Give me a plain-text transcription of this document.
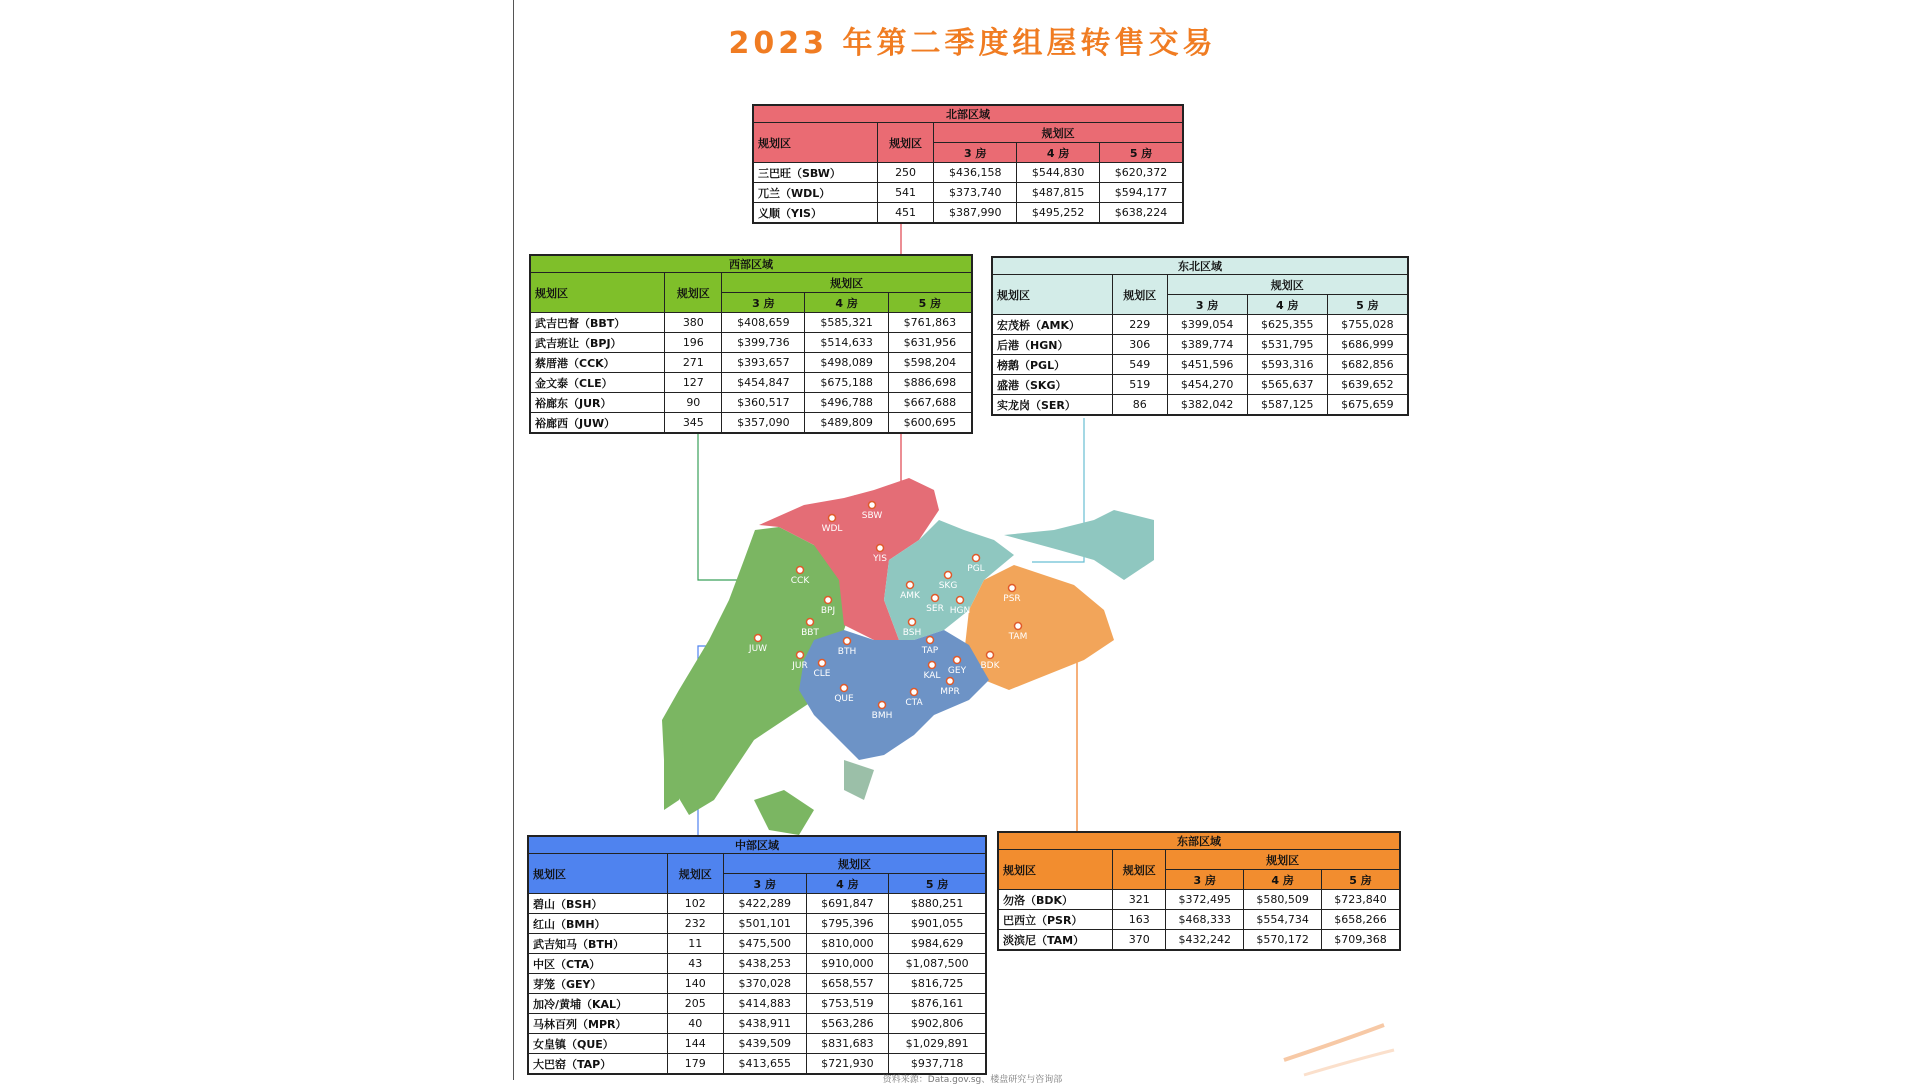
2023 年第二季度组屋转售交易
SBW
WDL
YIS
CCK
BPJ
BBT
JUW
JUR
CLE
BTH
QUE
BMH
BSH
TAP
KAL GEY
MPR
CTA
AMK
SKG
SER HGN
PGL
PSR
TAM
BDK
北部区域				
规划区	规划区	规划区		
		3 房	4 房	5 房
三巴旺（SBW）	250	$436,158	$544,830	$620,372
兀兰（WDL）	541	$373,740	$487,815	$594,177
义顺（YIS）	451	$387,990	$495,252	$638,224
西部区域				
规划区	规划区	规划区		
		3 房	4 房	5 房
武吉巴督（BBT）	380	$408,659	$585,321	$761,863
武吉班让（BPJ）	196	$399,736	$514,633	$631,956
蔡厝港（CCK）	271	$393,657	$498,089	$598,204
金文泰（CLE）	127	$454,847	$675,188	$886,698
裕廊东（JUR）	90	$360,517	$496,788	$667,688
裕廊西（JUW）	345	$357,090	$489,809	$600,695
东北区域				
规划区	规划区	规划区		
		3 房	4 房	5 房
宏茂桥（AMK）	229	$399,054	$625,355	$755,028
后港（HGN）	306	$389,774	$531,795	$686,999
榜鹅（PGL）	549	$451,596	$593,316	$682,856
盛港（SKG）	519	$454,270	$565,637	$639,652
实龙岗（SER）	86	$382,042	$587,125	$675,659
中部区域				
规划区	规划区	规划区		
		3 房	4 房	5 房
碧山（BSH）	102	$422,289	$691,847	$880,251
红山（BMH）	232	$501,101	$795,396	$901,055
武吉知马（BTH）	11	$475,500	$810,000	$984,629
中区（CTA）	43	$438,253	$910,000	$1,087,500
芽笼（GEY）	140	$370,028	$658,557	$816,725
加冷/黄埔（KAL）	205	$414,883	$753,519	$876,161
马林百列（MPR）	40	$438,911	$563,286	$902,806
女皇镇（QUE）	144	$439,509	$831,683	$1,029,891
大巴窑（TAP）	179	$413,655	$721,930	$937,718
东部区域				
规划区	规划区	规划区		
		3 房	4 房	5 房
勿洛（BDK）	321	$372,495	$580,509	$723,840
巴西立（PSR）	163	$468,333	$554,734	$658,266
淡滨尼（TAM）	370	$432,242	$570,172	$709,368
资料来源：Data.gov.sg、楼盘研究与咨询部
